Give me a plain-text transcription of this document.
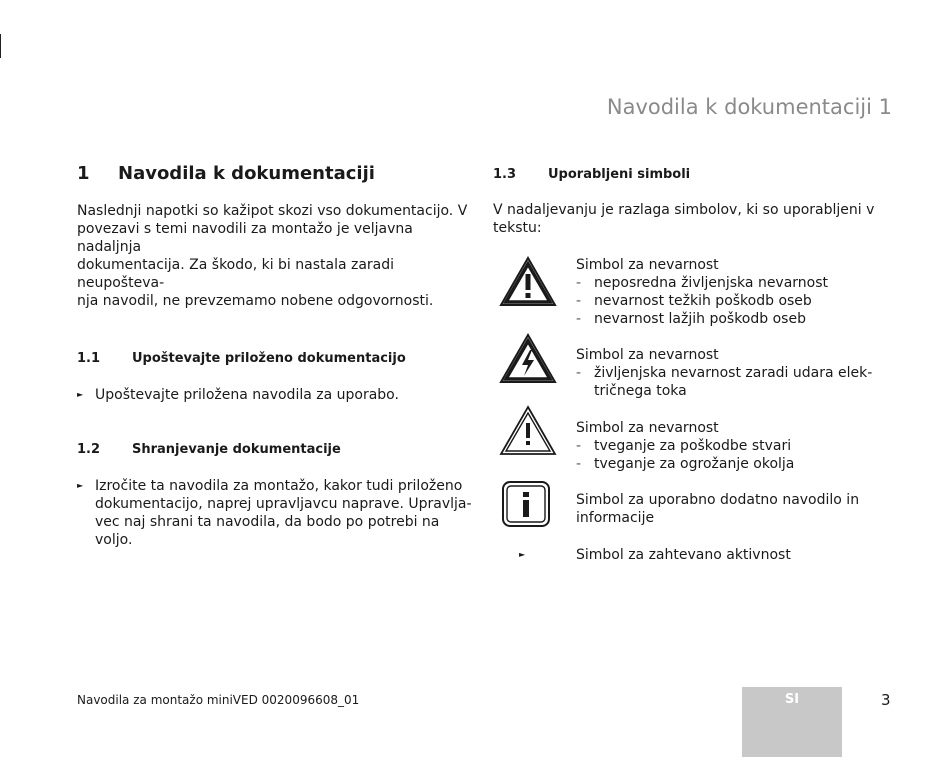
Navodila k dokumentaciji 1
1	Navodila k dokumentaciji
Naslednji napotki so kažipot skozi vso dokumentacijo. V
povezavi s temi navodili za montažo je veljavna nadaljnja
dokumentacija. Za škodo, ki bi nastala zaradi neupošteva-
nja navodil, ne prevzemamo nobene odgovornosti.
1.1	Upoštevajte priloženo dokumentacijo
► Upoštevajte priložena navodila za uporabo.
1.2	Shranjevanje dokumentacije
► Izročite ta navodila za montažo, kakor tudi priloženo
dokumentacijo, naprej upravljavcu naprave. Upravlja-
vec naj shrani ta navodila, da bodo po potrebi na voljo.
1.3	Uporabljeni simboli
V nadaljevanju je razlaga simbolov, ki so uporabljeni v
tekstu:
Simbol za nevarnost
- neposredna življenjska nevarnost
- nevarnost težkih poškodb oseb
- nevarnost lažjih poškodb oseb
Simbol za nevarnost
- življenjska nevarnost zaradi udara elek-
tričnega toka
Simbol za nevarnost
- tveganje za poškodbe stvari
- tveganje za ogrožanje okolja
Simbol za uporabno dodatno navodilo in
informacije
►	Simbol za zahtevano aktivnost
Navodila za montažo miniVED 0020096608_01	SI	3
